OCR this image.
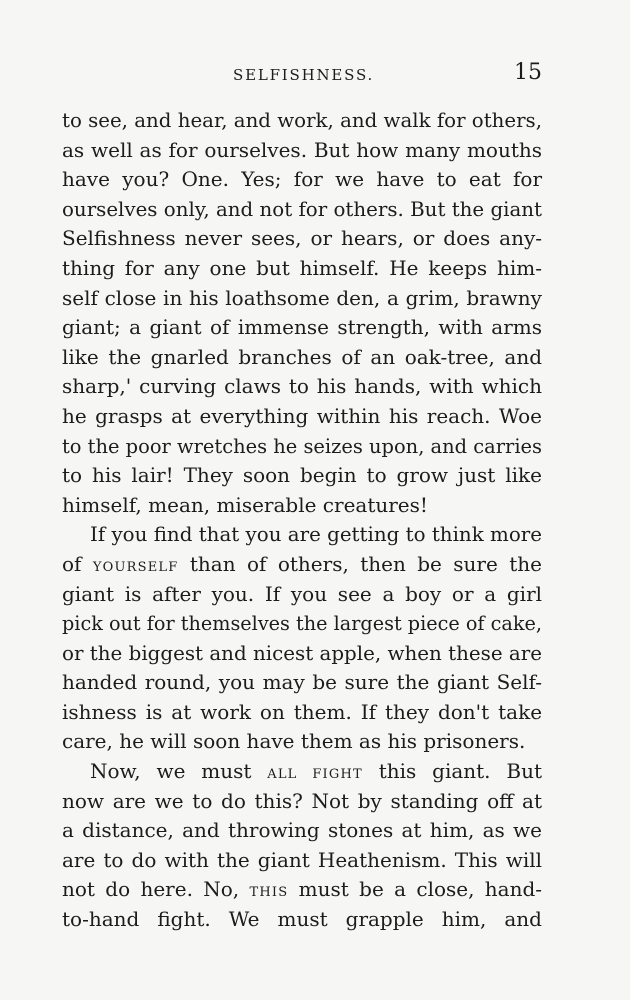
SELFISHNESS.	15
to see, and hear, and work, and walk for others,
as well as for ourselves. But how many mouths
have you? One. Yes; for we have to eat for
ourselves only, and not for others. But the giant
Selfishness never sees, or hears, or does any-
thing for any one but himself. He keeps him-
self close in his loathsome den, a grim, brawny
giant; a giant of immense strength, with arms
like the gnarled branches of an oak-tree, and
sharp,' curving claws to his hands, with which
he grasps at everything within his reach. Woe
to the poor wretches he seizes upon, and carries
to his lair! They soon begin to grow just like
himself, mean, miserable creatures!
If you find that you are getting to think more
of YOURSELF than of others, then be sure the
giant is after you. If you see a boy or a girl
pick out for themselves the largest piece of cake,
or the biggest and nicest apple, when these are
handed round, you may be sure the giant Self-
ishness is at work on them. If they don't take
care, he will soon have them as his prisoners.
Now, we must ALL FIGHT this giant. But
now are we to do this? Not by standing off at
a distance, and throwing stones at him, as we
are to do with the giant Heathenism. This will
not do here. No, THIS must be a close, hand-
to-hand fight. We must grapple him, and
